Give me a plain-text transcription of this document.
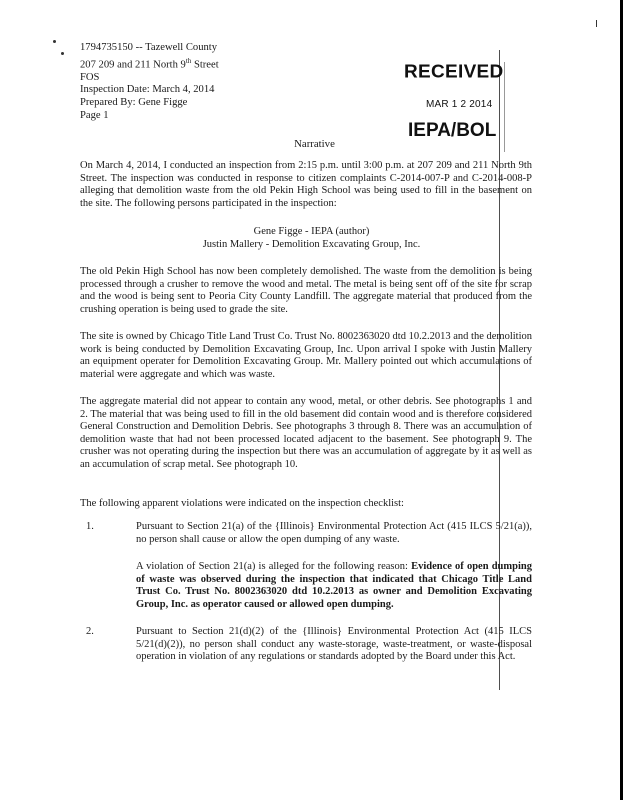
1794735150 -- Tazewell County
207 209 and 211 North 9th Street
FOS
Inspection Date: March 4, 2014
Prepared By: Gene Figge
Page 1
RECEIVED
MAR 1 2 2014
IEPA/BOL
Narrative
On March 4, 2014, I conducted an inspection from 2:15 p.m. until 3:00 p.m. at 207 209 and 211 North 9th Street. The inspection was conducted in response to citizen complaints C-2014-007-P and C-2014-008-P alleging that demolition waste from the old Pekin High School was being used to fill in the basement on the site. The following persons participated in the inspection:
Gene Figge - IEPA (author)
Justin Mallery - Demolition Excavating Group, Inc.
The old Pekin High School has now been completely demolished. The waste from the demolition is being processed through a crusher to remove the wood and metal. The metal is being sent off of the site for scrap and the wood is being sent to Peoria City County Landfill. The aggregate material that produced from the crushing operation is being used to grade the site.
The site is owned by Chicago Title Land Trust Co. Trust No. 8002363020 dtd 10.2.2013 and the demolition work is being conducted by Demolition Excavating Group, Inc. Upon arrival I spoke with Justin Mallery an equipment operater for Demolition Excavating Group. Mr. Mallery pointed out which accumulations of material were aggregate and which was waste.
The aggregate material did not appear to contain any wood, metal, or other debris. See photographs 1 and 2. The material that was being used to fill in the old basement did contain wood and is therefore considered General Construction and Demolition Debris. See photographs 3 through 8. There was an accumulation of demolition waste that had not been processed located adjacent to the basement. See photograph 9. The crusher was not operating during the inspection but there was an accumulation of aggregate by it as well as an accumulation of scrap metal. See photograph 10.
The following apparent violations were indicated on the inspection checklist:
1.	Pursuant to Section 21(a) of the {Illinois} Environmental Protection Act (415 ILCS 5/21(a)), no person shall cause or allow the open dumping of any waste.
A violation of Section 21(a) is alleged for the following reason: Evidence of open dumping of waste was observed during the inspection that indicated that Chicago Title Land Trust Co. Trust No. 8002363020 dtd 10.2.2013 as owner and Demolition Excavating Group, Inc. as operator caused or allowed open dumping.
2.	Pursuant to Section 21(d)(2) of the {Illinois} Environmental Protection Act (415 ILCS 5/21(d)(2)), no person shall conduct any waste-storage, waste-treatment, or waste-disposal operation in violation of any regulations or standards adopted by the Board under this Act.
